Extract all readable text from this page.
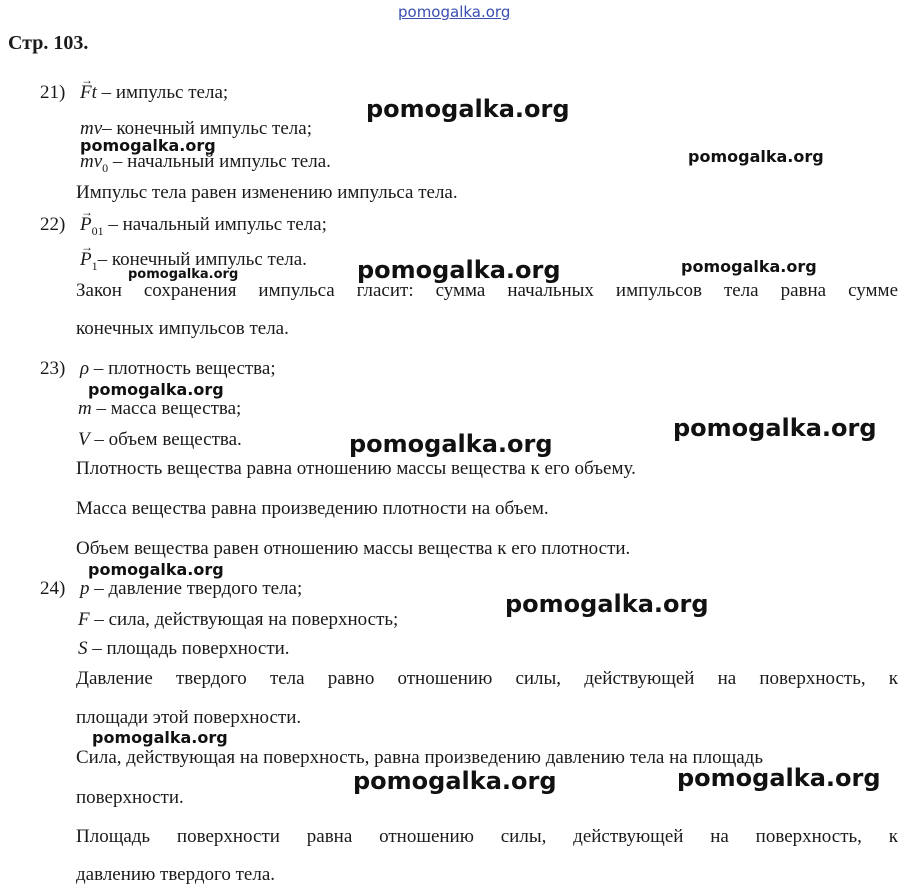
pomogalka.org
Стр. 103.
21)
→ Ft – импульс тела;
mv– конечный импульс тела;
$mv_0$ – начальный импульс тела.
Импульс тела равен изменению импульса тела.
22)
→ $P_{01}$ – начальный импульс тела;
→ $P_1-$ конечный импульс тела.
Закон сохранения импульса гласит: сумма начальных импульсов тела равна сумме
конечных импульсов тела.
23) ρ – плотность вещества;
m – масса вещества;
V – объем вещества.
Плотность вещества равна отношению массы вещества к его объему.
Масса вещества равна произведению плотности на объем.
Объем вещества равен отношению массы вещества к его плотности.
24) p – давление твердого тела;
F – сила, действующая на поверхность;
S – площадь поверхности.
Давление твердого тела равно отношению силы, действующей на поверхность, к
площади этой поверхности.
Сила, действующая на поверхность, равна произведению давлению тела на площадь
поверхности.
Площадь поверхности равна отношению силы, действующей на поверхность, к
давлению твердого тела.
pomogalka.org
pomogalka.org
pomogalka.org
pomogalka.org
pomogalka.org	pomogalka.org
pomogalka.org
pomogalka.org
pomogalka.org
pomogalka.org
pomogalka.org
pomogalka.org
pomogalka.org	pomogalka.org
